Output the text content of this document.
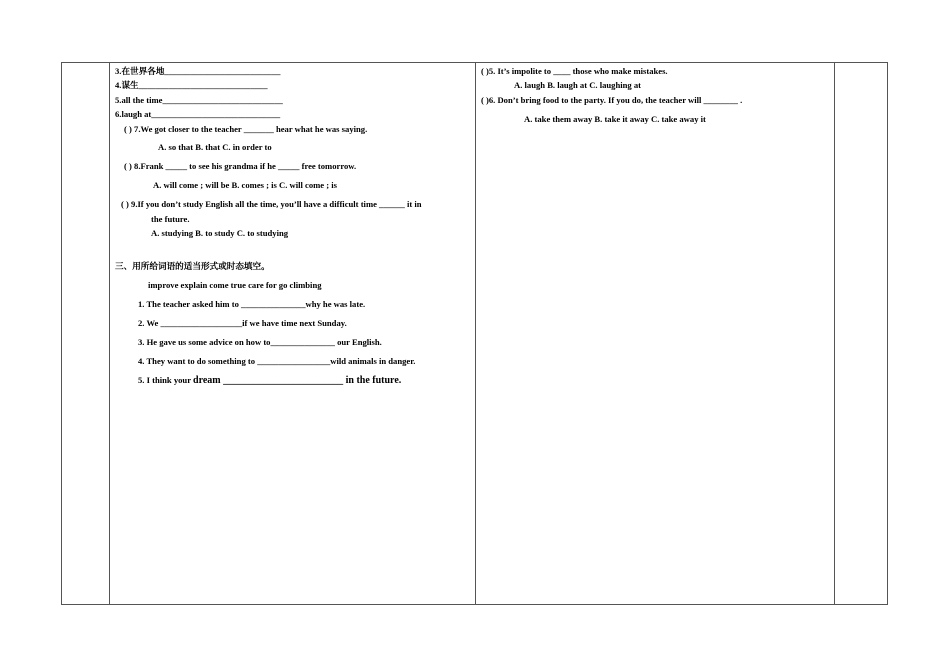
3.在世界各地___________________________
4.谋生______________________________
5.all the time____________________________
6.laugh at______________________________
( ) 7.We got closer to the teacher _______ hear what he was saying.
A. so that B. that C. in order to
( ) 8.Frank _____ to see his grandma if he _____ free tomorrow.
A. will come ; will be B. comes ; is C. will come ; is
( ) 9.If you don’t study English all the time, you’ll have a difficult time ______ it in
the future.
A. studying B. to study C. to studying
三、用所给词语的适当形式或时态填空。
improve explain come true care for go climbing
1. The teacher asked him to _______________why he was late.
2. We ___________________if we have time next Sunday.
3. He gave us some advice on how to_______________ our English.
4. They want to do something to _________________wild animals in danger.
5. I think your dream ________________________ in the future.
( )5. It’s impolite to ____ those who make mistakes.
A. laugh B. laugh at C. laughing at
( )6. Don’t bring food to the party. If you do, the teacher will ________ .
A. take them away B. take it away C. take away it
